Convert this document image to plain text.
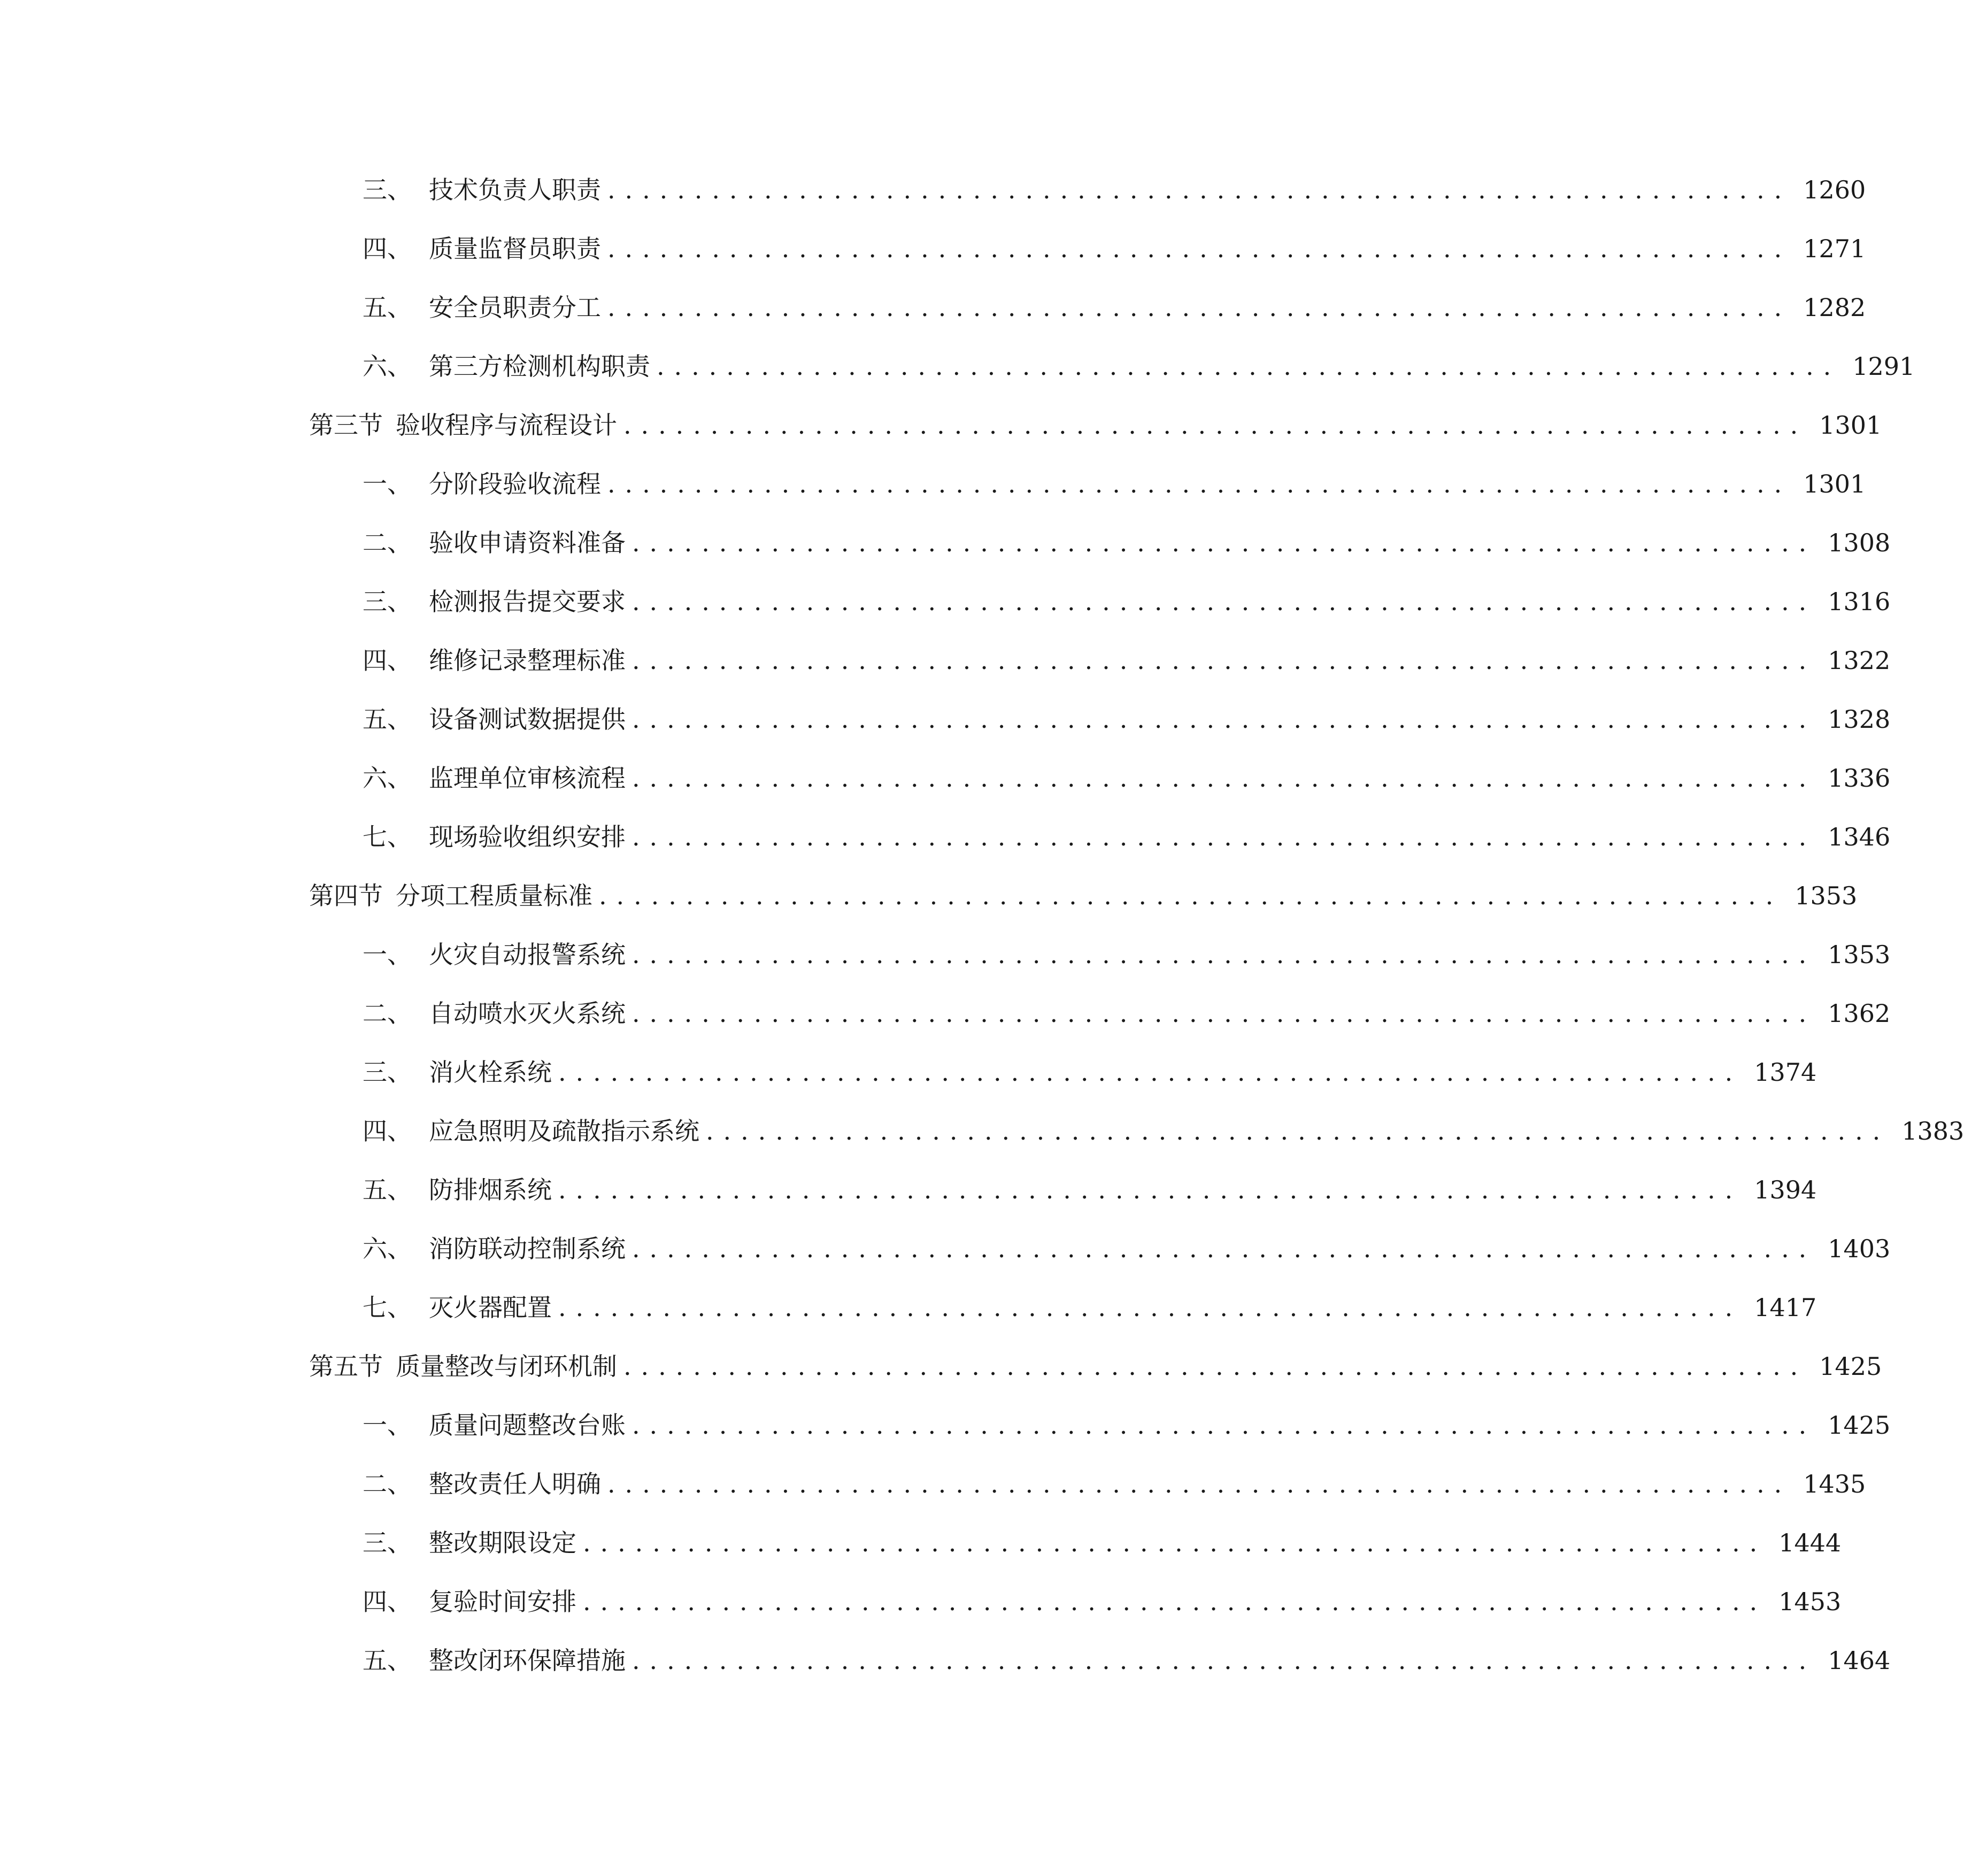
三、 技术负责人职责 .................................................................... 1260
四、 质量监督员职责 .................................................................... 1271
五、 安全员职责分工 .................................................................... 1282
六、 第三方检测机构职责 .................................................................... 1291
第三节 验收程序与流程设计 .................................................................... 1301
一、 分阶段验收流程 .................................................................... 1301
二、 验收申请资料准备 .................................................................... 1308
三、 检测报告提交要求 .................................................................... 1316
四、 维修记录整理标准 .................................................................... 1322
五、 设备测试数据提供 .................................................................... 1328
六、 监理单位审核流程 .................................................................... 1336
七、 现场验收组织安排 .................................................................... 1346
第四节 分项工程质量标准 .................................................................... 1353
一、 火灾自动报警系统 .................................................................... 1353
二、 自动喷水灭火系统 .................................................................... 1362
三、 消火栓系统 .................................................................... 1374
四、 应急照明及疏散指示系统 .................................................................... 1383
五、 防排烟系统 .................................................................... 1394
六、 消防联动控制系统 .................................................................... 1403
七、 灭火器配置 .................................................................... 1417
第五节 质量整改与闭环机制 .................................................................... 1425
一、 质量问题整改台账 .................................................................... 1425
二、 整改责任人明确 .................................................................... 1435
三、 整改期限设定 .................................................................... 1444
四、 复验时间安排 .................................................................... 1453
五、 整改闭环保障措施 .................................................................... 1464
